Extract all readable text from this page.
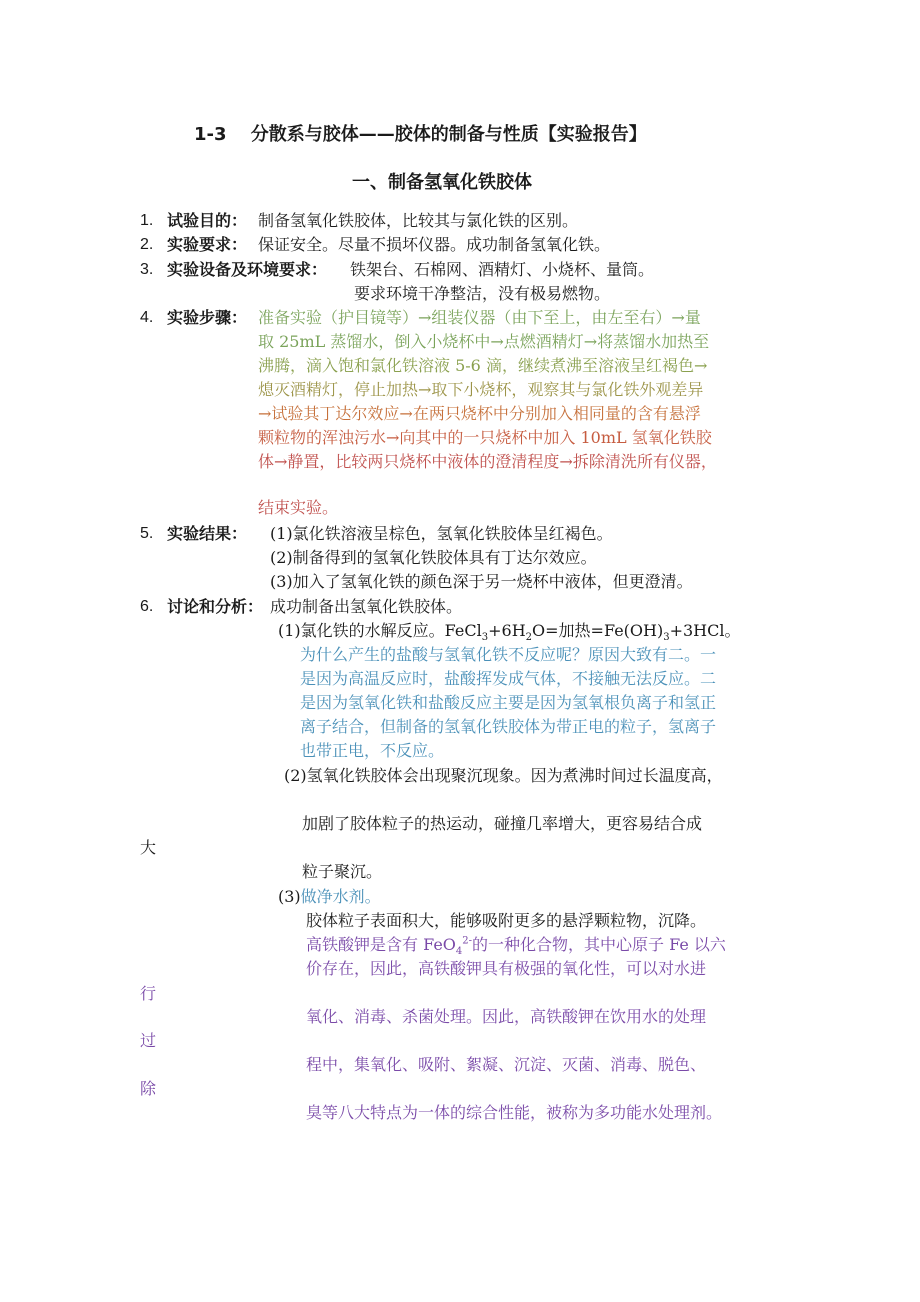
1-3　 分散系与胶体——胶体的制备与性质【实验报告】
一、制备氢氧化铁胶体
1. 试验目的： 制备氢氧化铁胶体，比较其与氯化铁的区别。
2. 实验要求： 保证安全。尽量不损坏仪器。成功制备氢氧化铁。
3. 实验设备及环境要求： 铁架台、石棉网、酒精灯、小烧杯、量筒。
要求环境干净整洁，没有极易燃物。
4. 实验步骤： 准备实验（护目镜等）→组装仪器（由下至上，由左至右）→量
取 25mL 蒸馏水，倒入小烧杯中→点燃酒精灯→将蒸馏水加热至
沸腾，滴入饱和氯化铁溶液 5-6 滴，继续煮沸至溶液呈红褐色→
熄灭酒精灯，停止加热→取下小烧杯，观察其与氯化铁外观差异
→试验其丁达尔效应→在两只烧杯中分别加入相同量的含有悬浮
颗粒物的浑浊污水→向其中的一只烧杯中加入 10mL 氢氧化铁胶
体→静置，比较两只烧杯中液体的澄清程度→拆除清洗所有仪器，
结束实验。
5. 实验结果： (1)氯化铁溶液呈棕色，氢氧化铁胶体呈红褐色。
(2)制备得到的氢氧化铁胶体具有丁达尔效应。
(3)加入了氢氧化铁的颜色深于另一烧杯中液体，但更澄清。
6. 讨论和分析： 成功制备出氢氧化铁胶体。
(1)氯化铁的水解反应。$FeCl_3+6H_2O=$加热$=Fe(OH)_3+3HCl$。
为什么产生的盐酸与氢氧化铁不反应呢？原因大致有二。一
是因为高温反应时，盐酸挥发成气体，不接触无法反应。二
是因为氢氧化铁和盐酸反应主要是因为氢氧根负离子和氢正
离子结合，但制备的氢氧化铁胶体为带正电的粒子，氢离子
也带正电，不反应。
(2)氢氧化铁胶体会出现聚沉现象。因为煮沸时间过长温度高，
加剧了胶体粒子的热运动，碰撞几率增大，更容易结合成
大
粒子聚沉。
(3)做净水剂。
胶体粒子表面积大，能够吸附更多的悬浮颗粒物，沉降。
高铁酸钾是含有 FeO$_4^{2-}$的一种化合物，其中心原子 Fe 以六
价存在，因此，高铁酸钾具有极强的氧化性，可以对水进
行
氧化、消毒、杀菌处理。因此，高铁酸钾在饮用水的处理
过
程中，集氧化、吸附、絮凝、沉淀、灭菌、消毒、脱色、
除
臭等八大特点为一体的综合性能，被称为多功能水处理剂。
